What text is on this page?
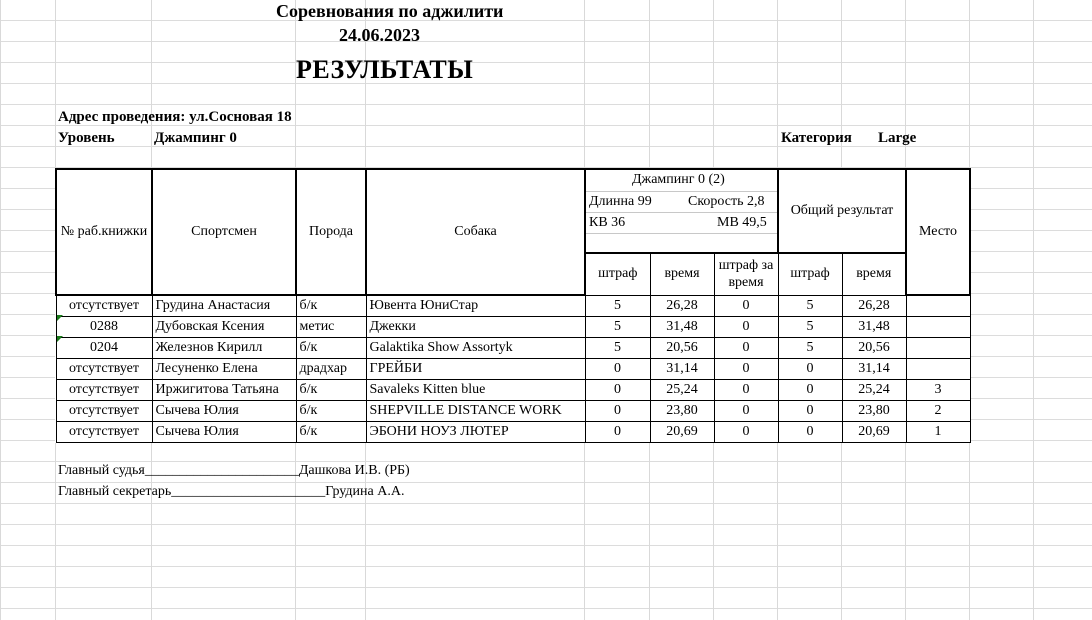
Соревнования по аджилити
24.06.2023
РЕЗУЛЬТАТЫ
Адрес проведения: ул.Сосновая 18
Уровень	Джампинг 0	Категория Large
№ раб.книжки	Спортсмен	Порода	Собака	Джампинг 0 (2)
Длинна 99 Скорость 2,8
КВ 36 МВ 49,5			Общий результат		Место
				штраф	время	штраф за время	штраф	время	
отсутствует	Грудина Анастасия	б/к	Ювента ЮниСтар	5	26,28	0	5	26,28	
0288	Дубовская Ксения	метис	Джекки	5	31,48	0	5	31,48	
0204	Железнов Кирилл	б/к	Galaktika Show Assortyk	5	20,56	0	5	20,56	
отсутствует	Лесуненко Елена	драдхар	ГРЕЙБИ	0	31,14	0	0	31,14	
отсутствует	Иржигитова Татьяна	б/к	Savaleks Kitten blue	0	25,24	0	0	25,24	3
отсутствует	Сычева Юлия	б/к	SHEPVILLE DISTANCE WORK	0	23,80	0	0	23,80	2
отсутствует	Сычева Юлия	б/к	ЭБОНИ НОУЗ ЛЮТЕР	0	20,69	0	0	20,69	1
Главный судья______________________Дашкова И.В. (РБ)
Главный секретарь______________________Грудина А.А.
